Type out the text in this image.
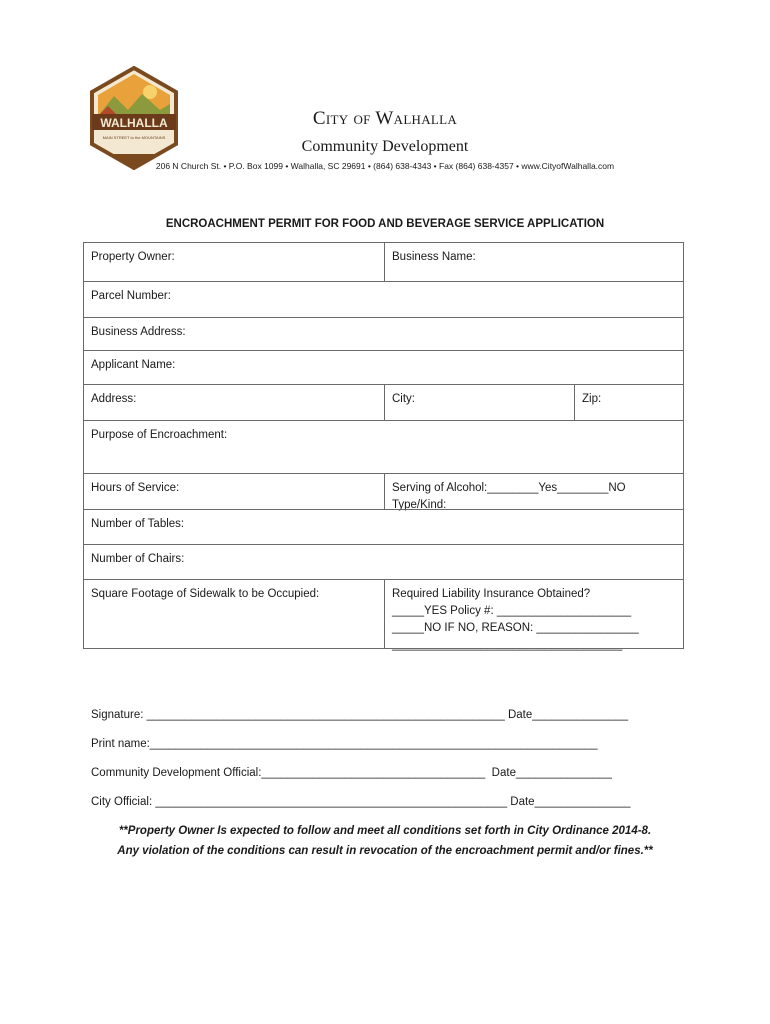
WALHALLA
MAIN STREET to the MOUNTAINS
City of Walhalla
Community Development
206 N Church St. • P.O. Box 1099 • Walhalla, SC 29691 • (864) 638-4343 • Fax (864) 638-4357 • www.CityofWalhalla.com
ENCROACHMENT PERMIT FOR FOOD AND BEVERAGE SERVICE APPLICATION
Property Owner:	Business Name:
Parcel Number:
Business Address:
Applicant Name:
Address:	City:	Zip:
Purpose of Encroachment:
Hours of Service:	Serving of Alcohol:________Yes________NO
Type/Kind:
Number of Tables:
Number of Chairs:
Square Footage of Sidewalk to be Occupied:	Required Liability Insurance Obtained?
_____YES Policy #: _____________________
_____NO IF NO, REASON: ________________
____________________________________
Signature: ________________________________________________________ Date_______________
Print name:______________________________________________________________________
Community Development Official:___________________________________  Date_______________
City Official: _______________________________________________________ Date_______________
**Property Owner Is expected to follow and meet all conditions set forth in City Ordinance 2014-8.
Any violation of the conditions can result in revocation of the encroachment permit and/or fines.**
